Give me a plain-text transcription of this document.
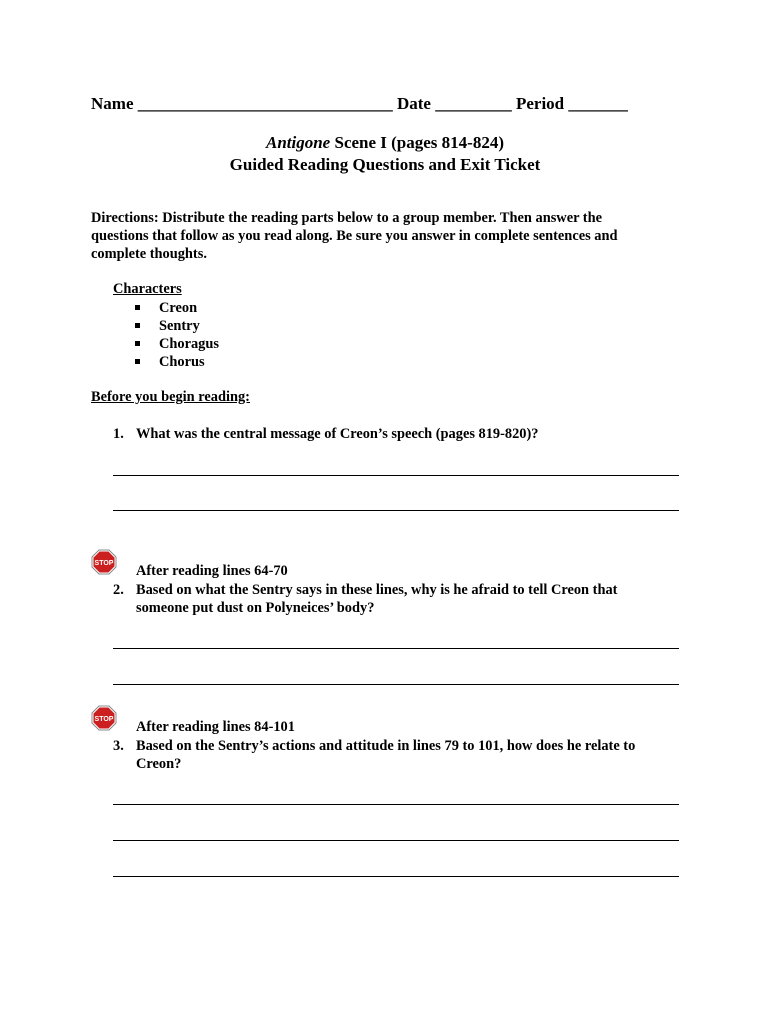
Name ______________________________ Date _________ Period _______
Antigone Scene I (pages 814-824)
Guided Reading Questions and Exit Ticket
Directions: Distribute the reading parts below to a group member. Then answer the questions that follow as you read along. Be sure you answer in complete sentences and complete thoughts.
Characters
Creon
Sentry
Choragus
Chorus
Before you begin reading:
1. What was the central message of Creon’s speech (pages 819-820)?
STOP After reading lines 64-70
2. Based on what the Sentry says in these lines, why is he afraid to tell Creon that someone put dust on Polyneices’ body?
STOP After reading lines 84-101
3. Based on the Sentry’s actions and attitude in lines 79 to 101, how does he relate to Creon?
